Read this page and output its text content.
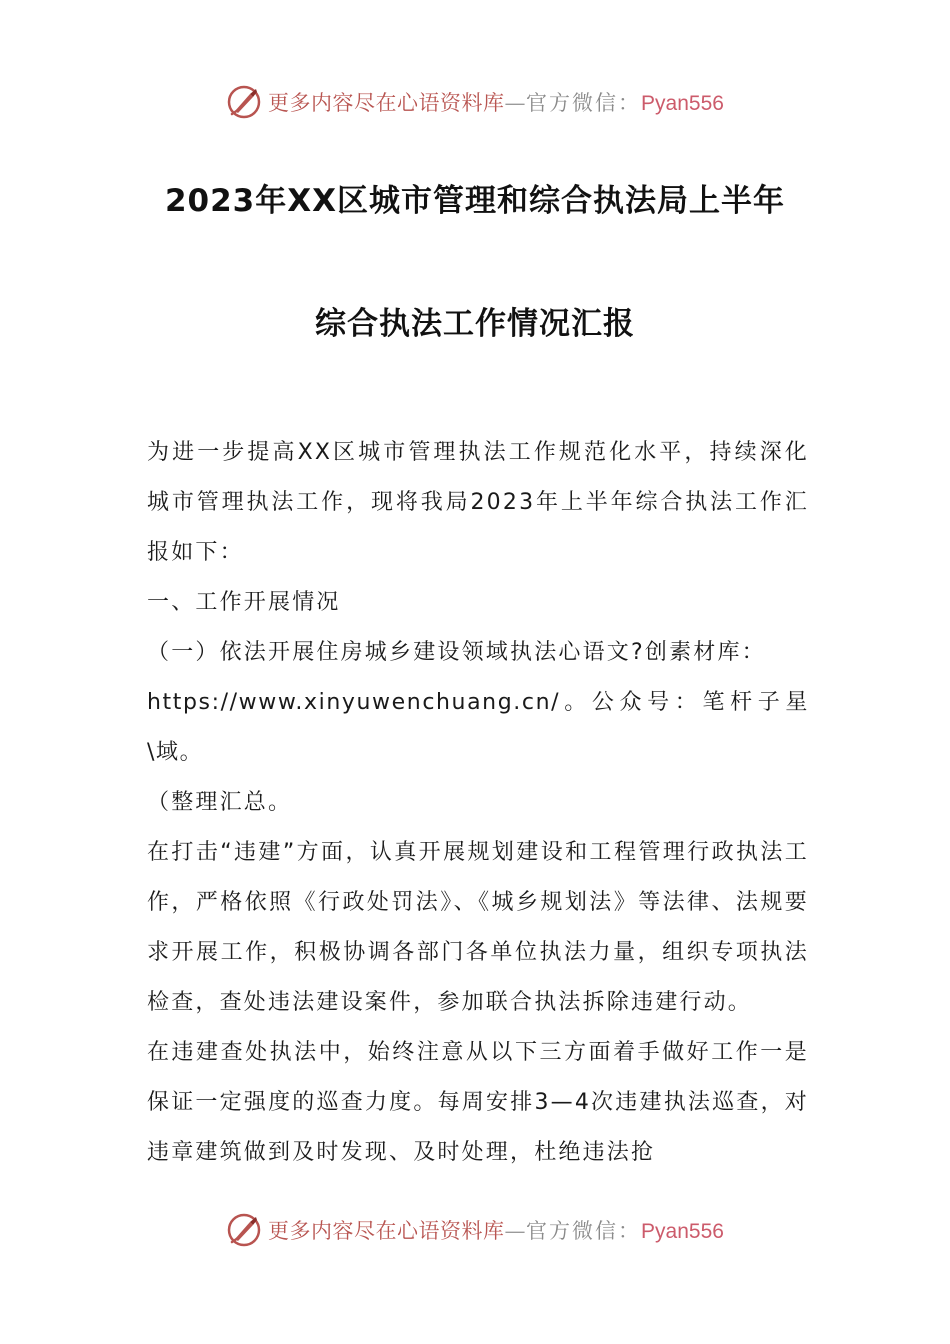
更多内容尽在心语资料库—官方微信：Pyan556
2023年XX区城市管理和综合执法局上半年
综合执法工作情况汇报

为进一步提高XX区城市管理执法工作规范化水平，持续深化城市管理执法工作，现将我局2023年上半年综合执法工作汇报如下：

一、工作开展情况

（一）依法开展住房城乡建设领域执法心语文?创素材库：

https://www.xinyuwenchuang.cn/。公众号：笔杆子星\域。

（整理汇总。

在打击“违建”方面，认真开展规划建设和工程管理行政执法工作，严格依照《行政处罚法》、《城乡规划法》等法律、法规要求开展工作，积极协调各部门各单位执法力量，组织专项执法检查，查处违法建设案件，参加联合执法拆除违建行动。

在违建查处执法中，始终注意从以下三方面着手做好工作一是保证一定强度的巡查力度。每周安排3—4次违建执法巡查，对违章建筑做到及时发现、及时处理，杜绝违法抢

更多内容尽在心语资料库—官方微信：Pyan556
